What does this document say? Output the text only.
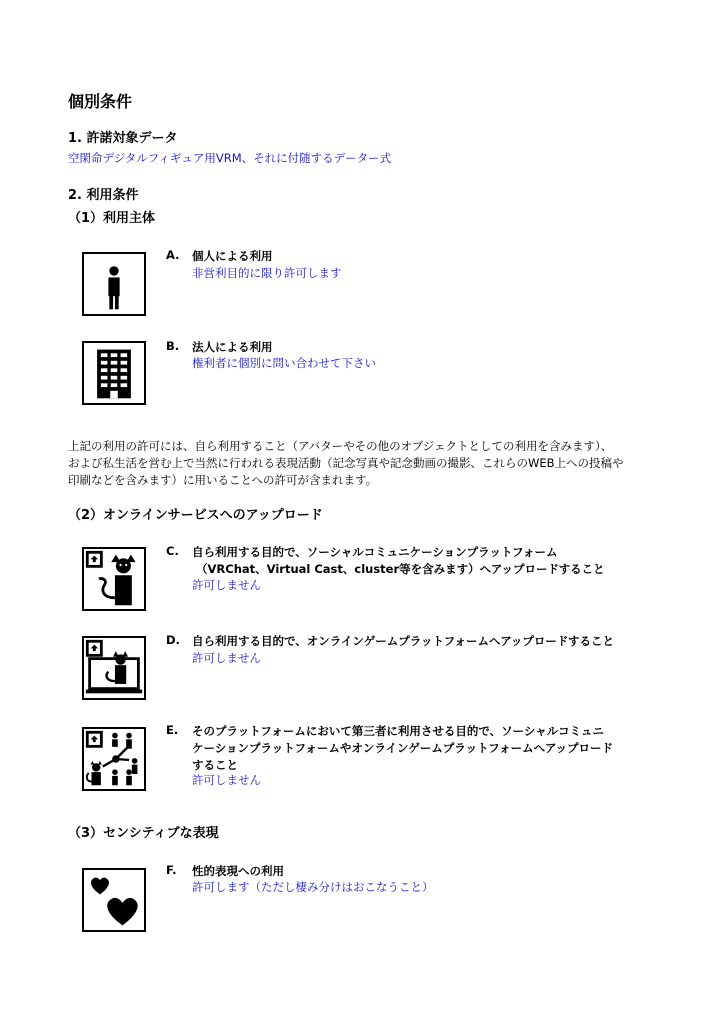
個別条件
1. 許諾対象データ
空閑命デジタルフィギュア用VRM、それに付随するデーター式
2. 利用条件
（1）利用主体
A. 個人による利用
非営利目的に限り許可します
B. 法人による利用
権利者に個別に問い合わせて下さい
上記の利用の許可には、自ら利用すること（アバターやその他のオブジェクトとしての利用を含みます）、
および私生活を営む上で当然に行われる表現活動（記念写真や記念動画の撮影、これらのWEB上への投稿や
印刷などを含みます）に用いることへの許可が含まれます。
（2）オンラインサービスへのアップロード
C. 自ら利用する目的で、ソーシャルコミュニケーションプラットフォーム
（VRChat、Virtual Cast、cluster等を含みます）へアップロードすること
許可しません
D. 自ら利用する目的で、オンラインゲームプラットフォームへアップロードすること
許可しません
E. そのプラットフォームにおいて第三者に利用させる目的で、ソーシャルコミュニ
ケーションプラットフォームやオンラインゲームプラットフォームへアップロード
すること
許可しません
（3）センシティブな表現
F. 性的表現への利用
許可します（ただし棲み分けはおこなうこと）
